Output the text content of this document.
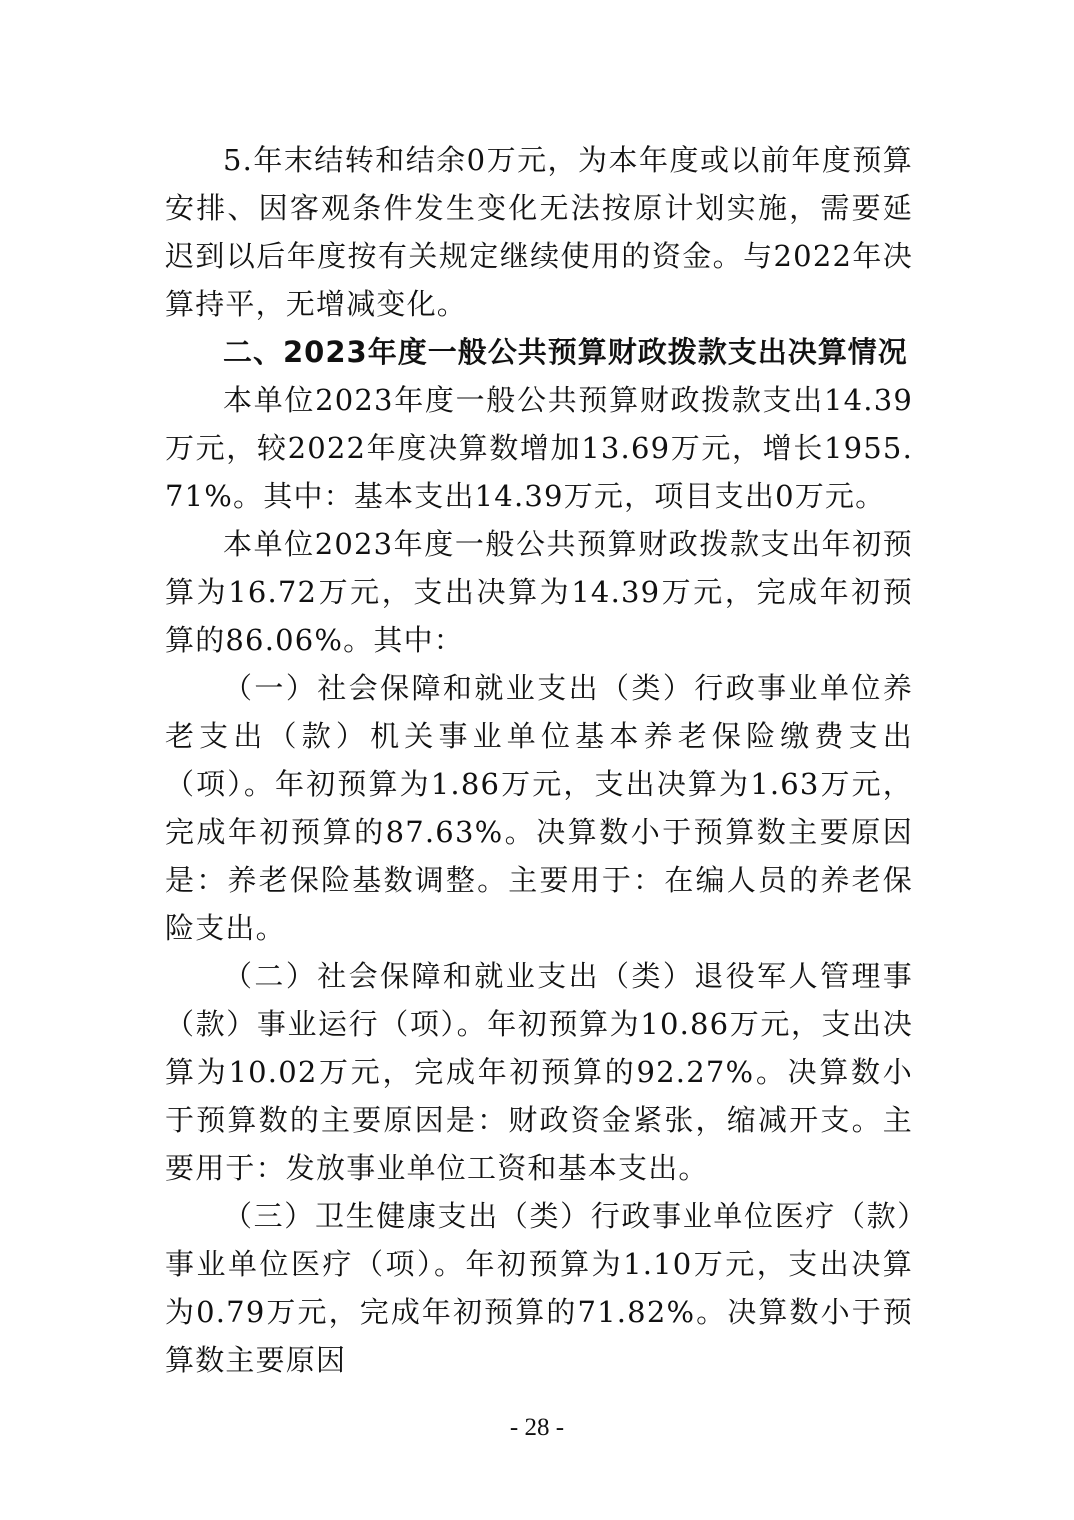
5.年末结转和结余0万元，为本年度或以前年度预算安排、因客观条件发生变化无法按原计划实施，需要延迟到以后年度按有关规定继续使用的资金。与2022年决算持平，无增减变化。

二、2023年度一般公共预算财政拨款支出决算情况

本单位2023年度一般公共预算财政拨款支出14.39万元，较2022年度决算数增加13.69万元，增长1955.71%。其中：基本支出14.39万元，项目支出0万元。

本单位2023年度一般公共预算财政拨款支出年初预算为16.72万元，支出决算为14.39万元，完成年初预算的86.06%。其中：

（一）社会保障和就业支出（类）行政事业单位养老支出（款）机关事业单位基本养老保险缴费支出（项）。年初预算为1.86万元，支出决算为1.63万元，完成年初预算的87.63%。决算数小于预算数主要原因是：养老保险基数调整。主要用于：在编人员的养老保险支出。

（二）社会保障和就业支出（类）退役军人管理事（款）事业运行（项）。年初预算为10.86万元，支出决算为10.02万元，完成年初预算的92.27%。决算数小于预算数的主要原因是：财政资金紧张，缩减开支。主要用于：发放事业单位工资和基本支出。

（三）卫生健康支出（类）行政事业单位医疗（款）事业单位医疗（项）。年初预算为1.10万元，支出决算为0.79万元，完成年初预算的71.82%。决算数小于预算数主要原因

- 28 -
